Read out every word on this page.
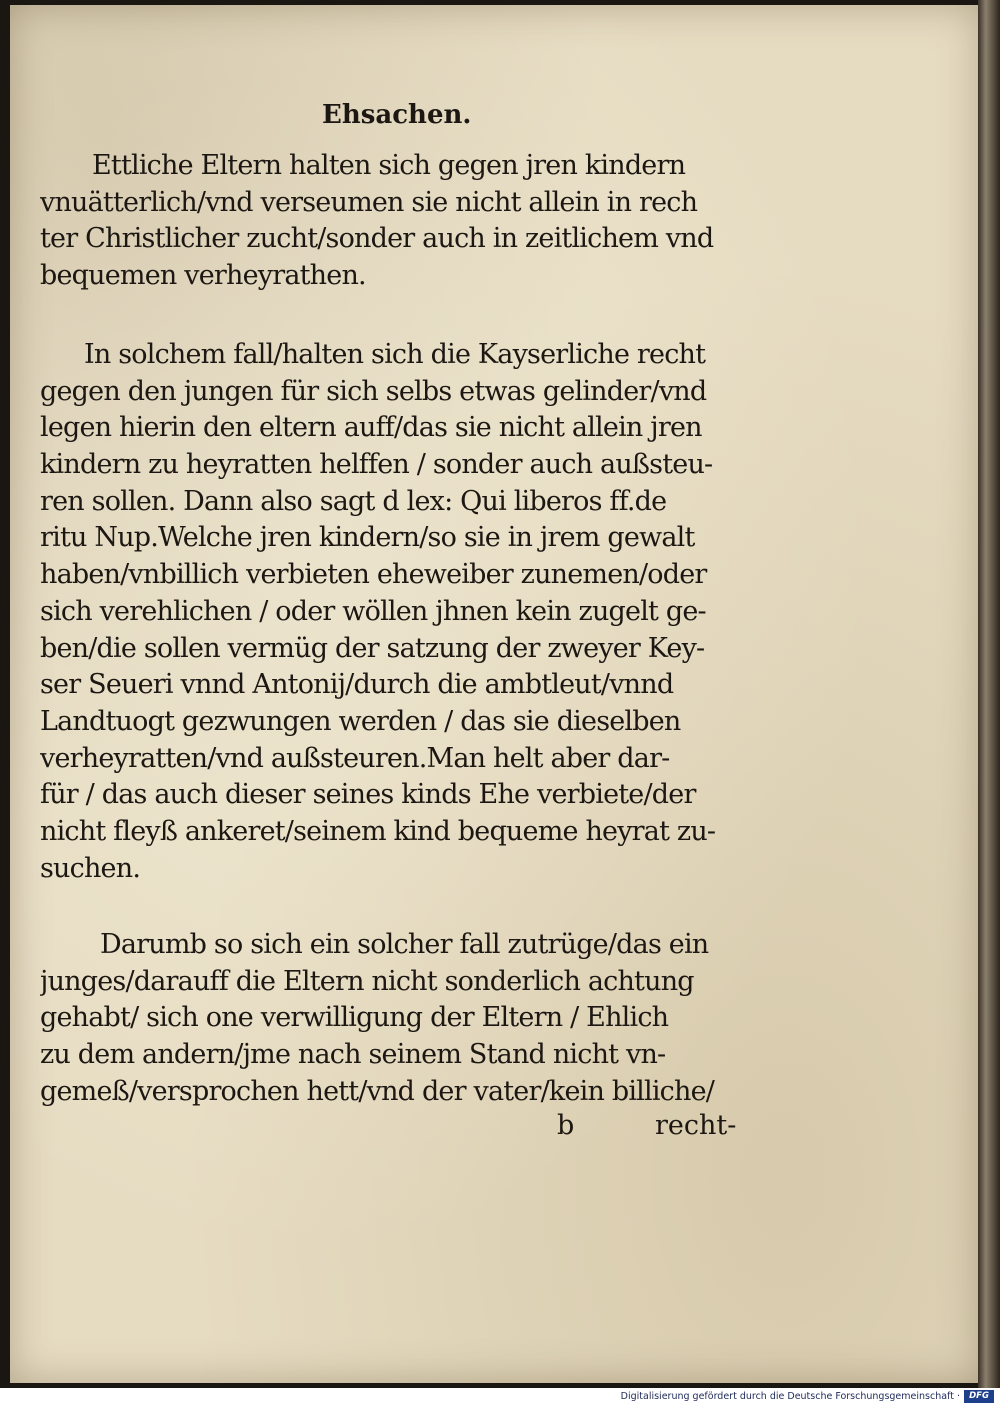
Ehsachen.
Ettliche Eltern halten sich gegen jren kindern
vnuätterlich/vnd verseumen sie nicht allein in rech
ter Christlicher zucht/sonder auch in zeitlichem vnd
bequemen verheyrathen.
In solchem fall/halten sich die Kayserliche recht
gegen den jungen für sich selbs etwas gelinder/vnd
legen hierin den eltern auff/das sie nicht allein jren
kindern zu heyratten helffen / sonder auch außsteu-
ren sollen. Dann also sagt d lex: Qui liberos ff.de
ritu Nup.Welche jren kindern/so sie in jrem gewalt
haben/vnbillich verbieten eheweiber zunemen/oder
sich verehlichen / oder wöllen jhnen kein zugelt ge-
ben/die sollen vermüg der satzung der zweyer Key-
ser Seueri vnnd Antonij/durch die ambtleut/vnnd
Landtuogt gezwungen werden / das sie dieselben
verheyratten/vnd außsteuren.Man helt aber dar-
für / das auch dieser seines kinds Ehe verbiete/der
nicht fleyß ankeret/seinem kind bequeme heyrat zu-
suchen.
Darumb so sich ein solcher fall zutrüge/das ein
junges/darauff die Eltern nicht sonderlich achtung
gehabt/ sich one verwilligung der Eltern / Ehlich
zu dem andern/jme nach seinem Stand nicht vn-
gemeß/versprochen hett/vnd der vater/kein billiche/
b	recht-
Digitalisierung gefördert durch die Deutsche Forschungsgemeinschaft ·	DFG
